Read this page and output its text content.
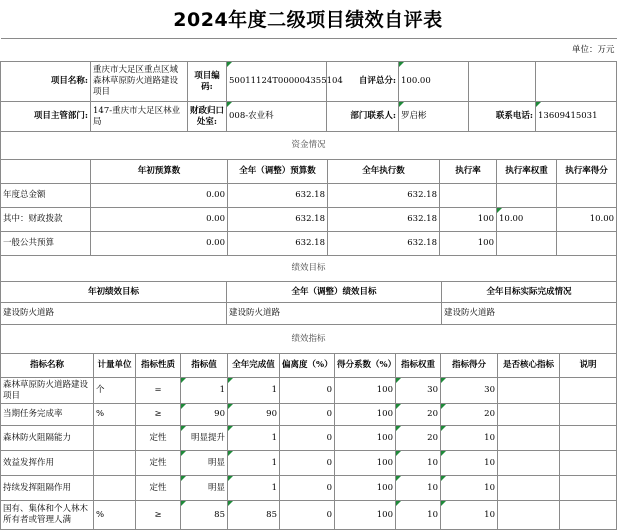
2024年度二级项目绩效自评表
单位：万元							
项目名称:	重庆市大足区重点区域森林草原防火道路建设项目	项目编码:	50011124T000004355104	自评总分:	100.00		
项目主管部门:	147-重庆市大足区林业局	财政归口处室:	008-农业科	部门联系人:	罗启彬	联系电话:	13609415031
资金情况						
	年初预算数	全年（调整）预算数	全年执行数	执行率	执行率权重	执行率得分
年度总金额	0.00	632.18	632.18			
其中：财政拨款	0.00	632.18	632.18	100	10.00	10.00
一般公共预算	0.00	632.18	632.18	100		
绩效目标		
年初绩效目标	全年（调整）绩效目标	全年目标实际完成情况
建设防火道路	建设防火道路	建设防火道路
绩效指标										
指标名称	计量单位	指标性质	指标值	全年完成值	偏离度（%）	得分系数（%）	指标权重	指标得分	是否核心指标	说明
森林草原防火道路建设项目	个	=	1	1	0	100	30	30		
当期任务完成率	%	≥	90	90	0	100	20	20		
森林防火阻隔能力		定性	明显提升	1	0	100	20	10		
效益发挥作用		定性	明显	1	0	100	10	10		
持续发挥阻隔作用		定性	明显	1	0	100	10	10		
国有、集体和个人林木所有者或管理人满	%	≥	85	85	0	100	10	10		
